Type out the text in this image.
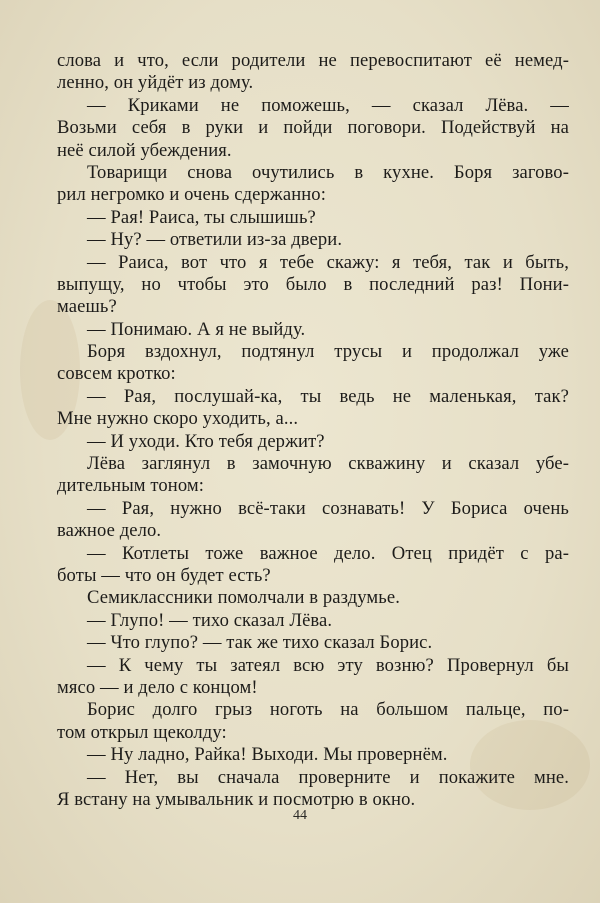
слова и что, если родители не перевоспитают её немед-
ленно, он уйдёт из дому.
— Криками не поможешь, — сказал Лёва. —
Возьми себя в руки и пойди поговори. Подействуй на
неё силой убеждения.
Товарищи снова очутились в кухне. Боря загово-
рил негромко и очень сдержанно:
— Рая! Раиса, ты слышишь?
— Ну? — ответили из-за двери.
— Раиса, вот что я тебе скажу: я тебя, так и быть,
выпущу, но чтобы это было в последний раз! Пони-
маешь?
— Понимаю. А я не выйду.
Боря вздохнул, подтянул трусы и продолжал уже
совсем кротко:
— Рая, послушай-ка, ты ведь не маленькая, так?
Мне нужно скоро уходить, а...
— И уходи. Кто тебя держит?
Лёва заглянул в замочную скважину и сказал убе-
дительным тоном:
— Рая, нужно всё-таки сознавать! У Бориса очень
важное дело.
— Котлеты тоже важное дело. Отец придёт с ра-
боты — что он будет есть?
Семиклассники помолчали в раздумье.
— Глупо! — тихо сказал Лёва.
— Что глупо? — так же тихо сказал Борис.
— К чему ты затеял всю эту возню? Провернул бы
мясо — и дело с концом!
Борис долго грыз ноготь на большом пальце, по-
том открыл щеколду:
— Ну ладно, Райка! Выходи. Мы провернём.
— Нет, вы сначала проверните и покажите мне.
Я встану на умывальник и посмотрю в окно.
44
